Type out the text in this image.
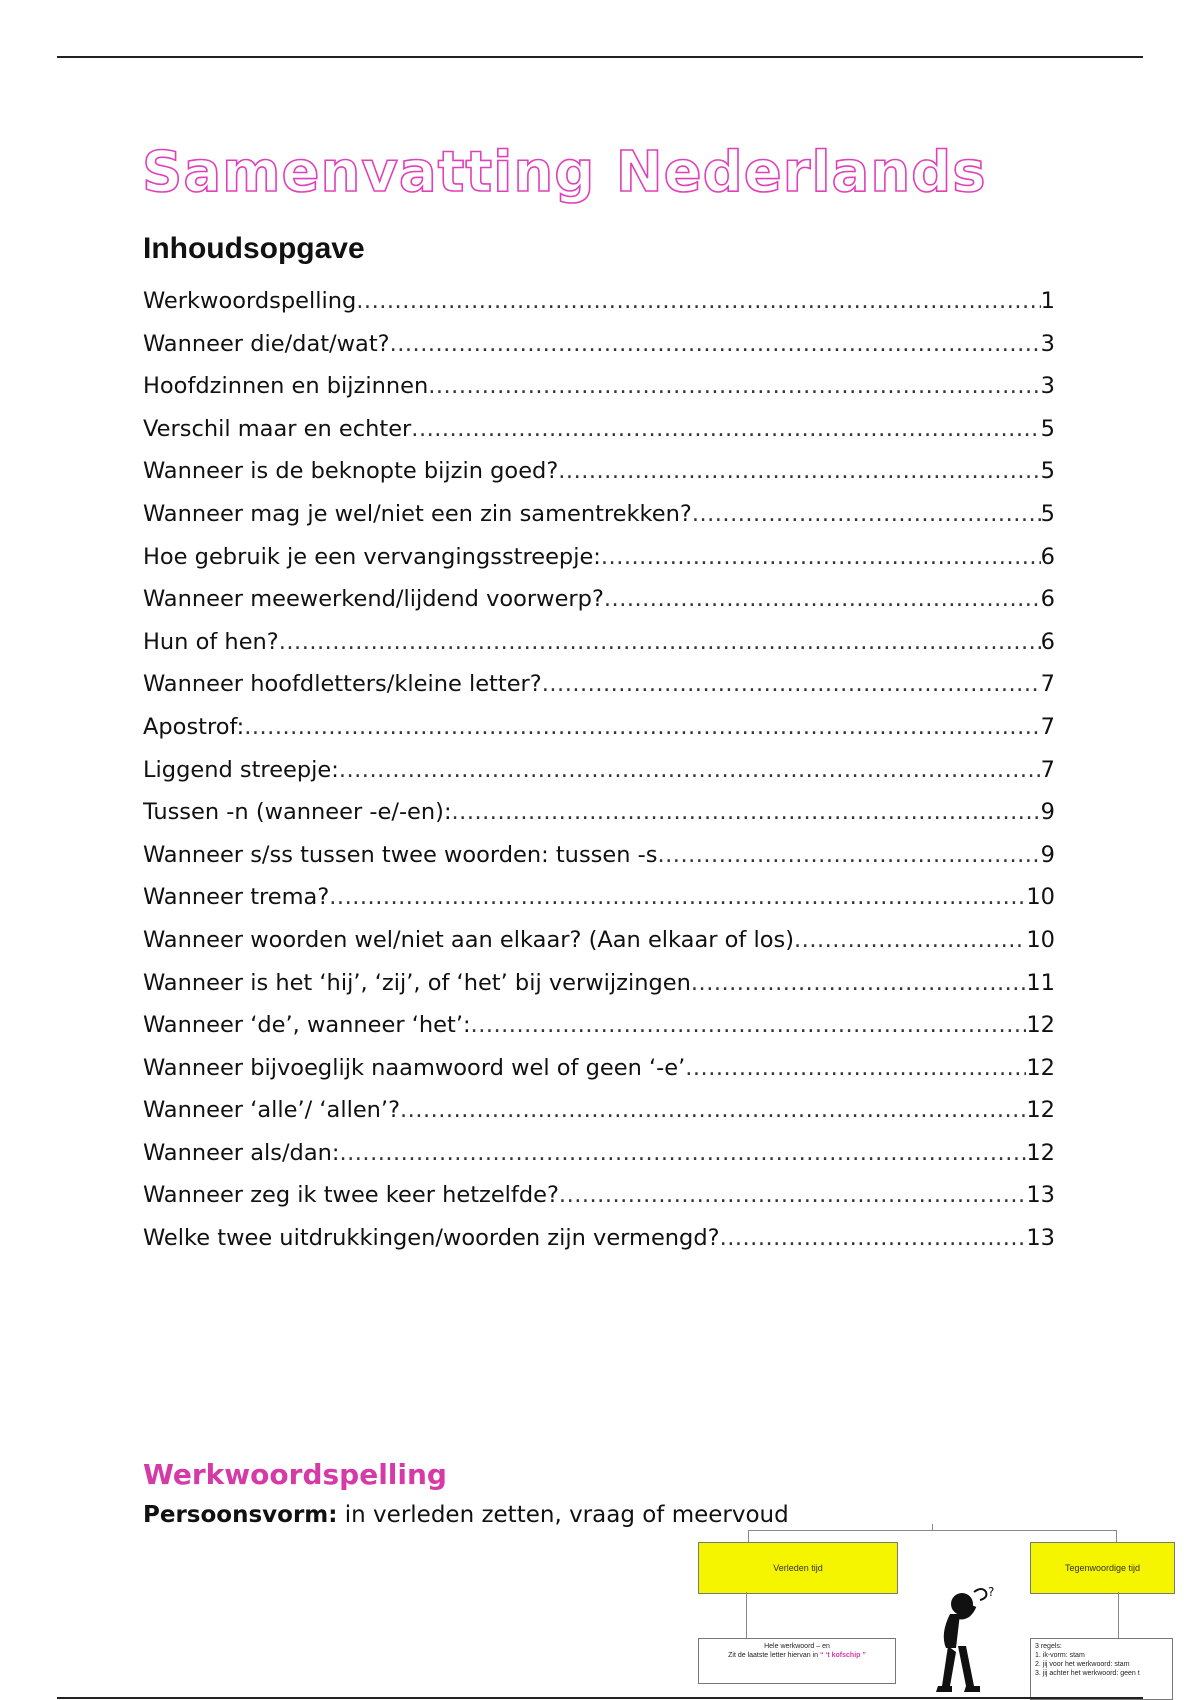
Samenvatting Nederlands
Inhoudsopgave
Werkwoordspelling .....	1
Wanneer die/dat/wat? .....	3
Hoofdzinnen en bijzinnen .....	3
Verschil maar en echter .....	5
Wanneer is de beknopte bijzin goed? .....	5
Wanneer mag je wel/niet een zin samentrekken? .....	5
Hoe gebruik je een vervangingsstreepje: .....	6
Wanneer meewerkend/lijdend voorwerp? .....	6
Hun of hen? .....	6
Wanneer hoofdletters/kleine letter? .....	7
Apostrof: .....	7
Liggend streepje: .....	7
Tussen -n (wanneer -e/-en): .....	9
Wanneer s/ss tussen twee woorden: tussen -s .....	9
Wanneer trema? .....	10
Wanneer woorden wel/niet aan elkaar? (Aan elkaar of los) .....	10
Wanneer is het ‘hij’, ‘zij’, of ‘het’ bij verwijzingen .....	11
Wanneer ‘de’, wanneer ‘het’: .....	12
Wanneer bijvoeglijk naamwoord wel of geen ‘-e’ .....	12
Wanneer ‘alle’/ ‘allen’? .....	12
Wanneer als/dan: .....	12
Wanneer zeg ik twee keer hetzelfde? .....	13
Welke twee uitdrukkingen/woorden zijn vermengd? .....	13
Werkwoordspelling
Persoonsvorm: in verleden zetten, vraag of meervoud
Verleden tijd	Tegenwoordige tijd
Hele werkwoord – en
Zit de laatste letter hiervan in “ ‘t kofschip ”
3 regels:
1. ik-vorm: stam
2. jij voor het werkwoord: stam
3. jij achter het werkwoord: geen t
?
